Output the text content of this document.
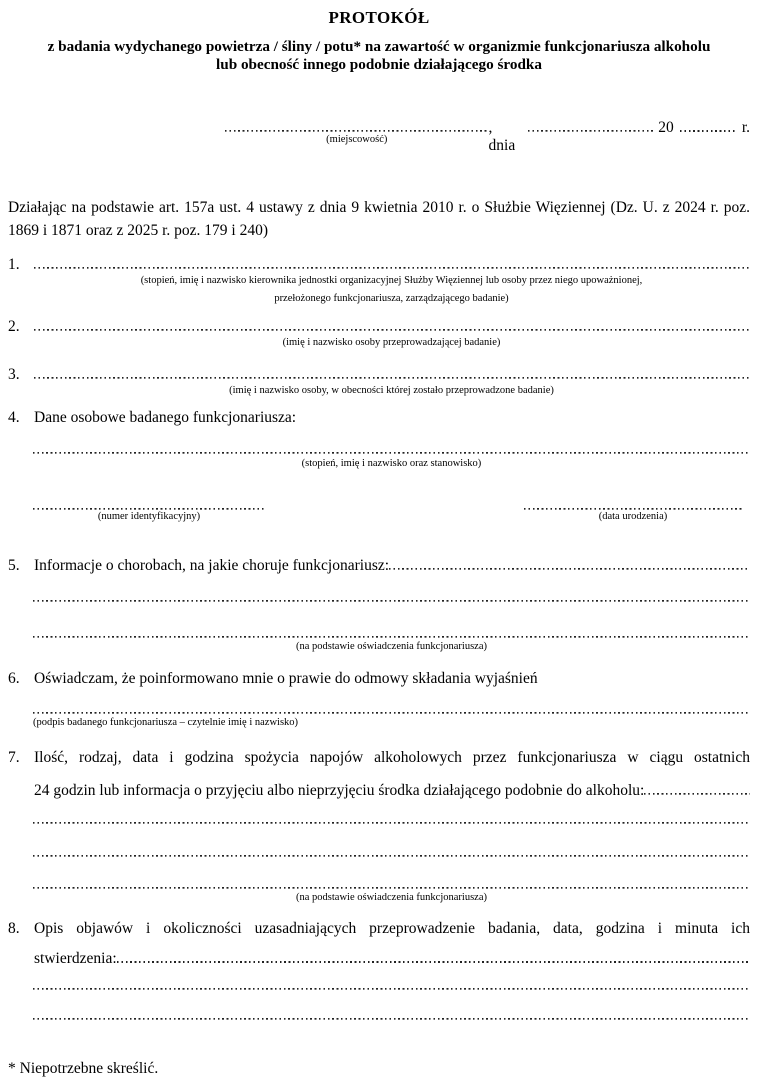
PROTOKÓŁ
z badania wydychanego powietrza / śliny / potu* na zawartość w organizmie funkcjonariusza alkoholu
lub obecność innego podobnie działającego środka
(miejscowość)
, dnia
20	r.
Działając na podstawie art. 157a ust. 4 ustawy z dnia 9 kwietnia 2010 r. o Służbie Więziennej (Dz. U. z 2024 r. poz. 1869 i 1871 oraz z 2025 r. poz. 179 i 240)
1.
(stopień, imię i nazwisko kierownika jednostki organizacyjnej Służby Więziennej lub osoby przez niego upoważnionej,
przełożonego funkcjonariusza, zarządzającego badanie)
2.
(imię i nazwisko osoby przeprowadzającej badanie)
3.
(imię i nazwisko osoby, w obecności której zostało przeprowadzone badanie)
4. Dane osobowe badanego funkcjonariusza:
(stopień, imię i nazwisko oraz stanowisko)
(numer identyfikacyjny)	(data urodzenia)
5. Informacje o chorobach, na jakie choruje funkcjonariusz:
(na podstawie oświadczenia funkcjonariusza)
6. Oświadczam, że poinformowano mnie o prawie do odmowy składania wyjaśnień
(podpis badanego funkcjonariusza – czytelnie imię i nazwisko)
7. Ilość, rodzaj, data i godzina spożycia napojów alkoholowych przez funkcjonariusza w ciągu ostatnich
24 godzin lub informacja o przyjęciu albo nieprzyjęciu środka działającego podobnie do alkoholu:
(na podstawie oświadczenia funkcjonariusza)
8. Opis objawów i okoliczności uzasadniających przeprowadzenie badania, data, godzina i minuta ich
stwierdzenia:
* Niepotrzebne skreślić.
